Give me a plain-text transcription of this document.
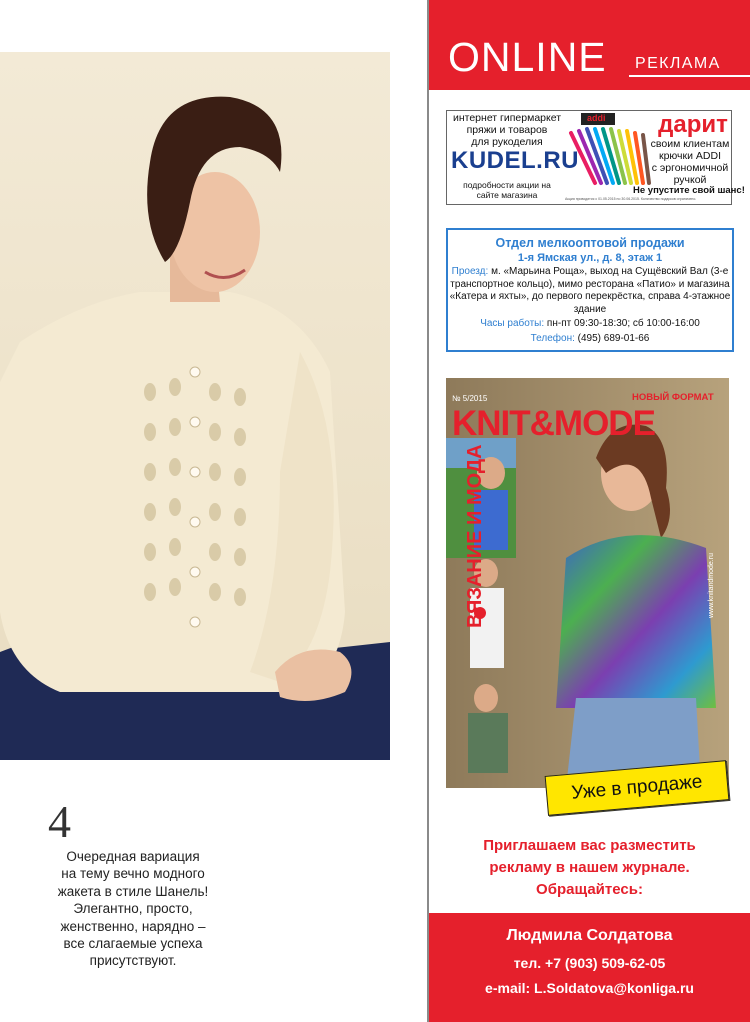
4
Очередная вариация
на тему вечно модного
жакета в стиле Шанель!
Элегантно, просто,
женственно, нарядно –
все слагаемые успеха
присутствуют.
ONLINE РЕКЛАМА
интернет гипермаркет
пряжи и товаров
для рукоделия
KUDEL.RU
подробности акции на
сайте магазина
addi дарит
своим клиентам
крючки ADDI
с эргономичной
ручкой
Не упустите свой шанс!
Акция проводится с 01.05.2015 по 30.06.2015. Количество подарков ограничено.
Отдел мелкооптовой продажи
1-я Ямская ул., д. 8, этаж 1
Проезд: м. «Марьина Роща», выход на Сущёвский Вал (3-е транспортное кольцо), мимо ресторана «Патио» и магазина «Катера и яхты», до первого перекрёстка, справа 4-этажное здание
Часы работы: пн-пт 09:30-18:30; сб 10:00-16:00
Телефон: (495) 689-01-66
№ 5/2015	НОВЫЙ ФОРМАТ
KNIT&MODE
ВЯЗАНИЕ И МОДА	www.knitandmode.ru
Уже в продаже
Приглашаем вас разместить
рекламу в нашем журнале.
Обращайтесь:
Людмила Солдатова
тел. +7 (903) 509-62-05
e-mail: L.Soldatova@konliga.ru
